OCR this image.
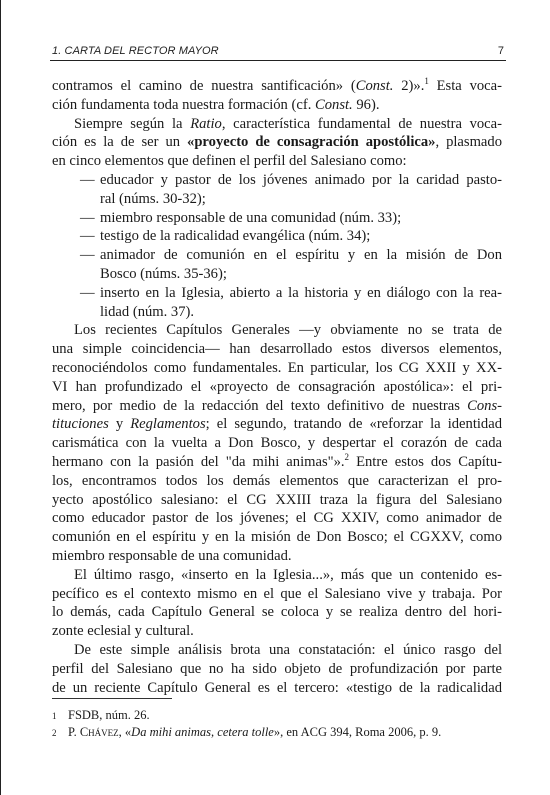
1. CARTA DEL RECTOR MAYOR	7
contramos el camino de nuestra santificación» (Const. 2)».$^1$ Esta voca-
ción fundamenta toda nuestra formación (cf. Const. 96).
Siempre según la Ratio, característica fundamental de nuestra voca-
ción es la de ser un «proyecto de consagración apostólica», plasmado
en cinco elementos que definen el perfil del Salesiano como:
— educador y pastor de los jóvenes animado por la caridad pasto-
ral (núms. 30-32);
— miembro responsable de una comunidad (núm. 33);
— testigo de la radicalidad evangélica (núm. 34);
— animador de comunión en el espíritu y en la misión de Don
Bosco (núms. 35-36);
— inserto en la Iglesia, abierto a la historia y en diálogo con la rea-
lidad (núm. 37).
Los recientes Capítulos Generales —y obviamente no se trata de
una simple coincidencia— han desarrollado estos diversos elementos,
reconociéndolos como fundamentales. En particular, los CG XXII y XX-
VI han profundizado el «proyecto de consagración apostólica»: el pri-
mero, por medio de la redacción del texto definitivo de nuestras Cons-
tituciones y Reglamentos; el segundo, tratando de «reforzar la identidad
carismática con la vuelta a Don Bosco, y despertar el corazón de cada
hermano con la pasión del "da mihi animas"».$^2$ Entre estos dos Capítu-
los, encontramos todos los demás elementos que caracterizan el pro-
yecto apostólico salesiano: el CG XXIII traza la figura del Salesiano
como educador pastor de los jóvenes; el CG XXIV, como animador de
comunión en el espíritu y en la misión de Don Bosco; el CGXXV, como
miembro responsable de una comunidad.
El último rasgo, «inserto en la Iglesia...», más que un contenido es-
pecífico es el contexto mismo en el que el Salesiano vive y trabaja. Por
lo demás, cada Capítulo General se coloca y se realiza dentro del hori-
zonte eclesial y cultural.
De este simple análisis brota una constatación: el único rasgo del
perfil del Salesiano que no ha sido objeto de profundización por parte
de un reciente Capítulo General es el tercero: «testigo de la radicalidad
1 FSDB, núm. 26.
2 P. Chávez, «Da mihi animas, cetera tolle», en ACG 394, Roma 2006, p. 9.
